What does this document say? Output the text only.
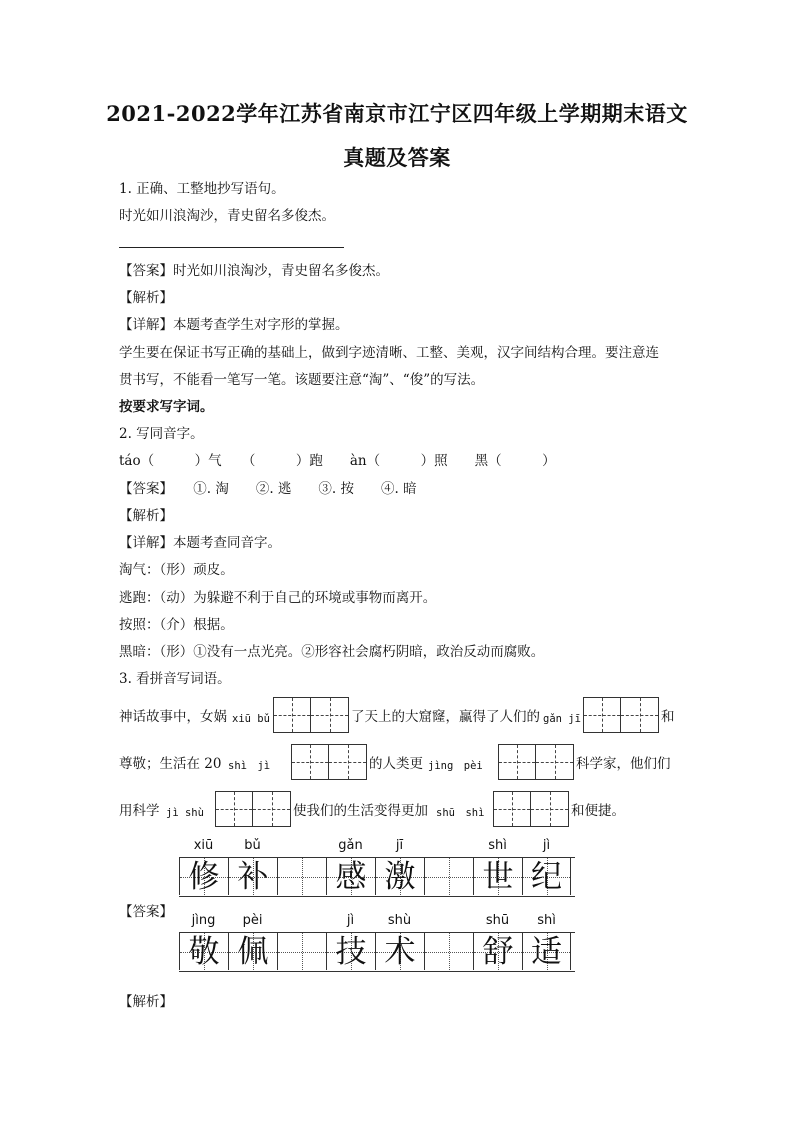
2021-2022学年江苏省南京市江宁区四年级上学期期末语文
真题及答案
1. 正确、工整地抄写语句。
时光如川浪淘沙，青史留名多俊杰。
【答案】时光如川浪淘沙，青史留名多俊杰。
【解析】
【详解】本题考查学生对字形的掌握。
学生要在保证书写正确的基础上，做到字迹清晰、工整、美观，汉字间结构合理。要注意连
贯书写，不能看一笔写一笔。该题要注意“淘”、“俊”的写法。
按要求写字词。
2. 写同音字。
táo（　　　）气　　（　　　）跑　　àn（　　　）照　　黑（　　　）
【答案】　　①. 淘　　②. 逃　　③. 按　　④. 暗
【解析】
【详解】本题考查同音字。
淘气：（形）顽皮。
逃跑：（动）为躲避不利于自己的环境或事物而离开。
按照：（介）根据。
黑暗：（形）①没有一点光亮。②形容社会腐朽阴暗，政治反动而腐败。
3. 看拼音写词语。
神话故事中，女娲 xiū bǔ	了天上的大窟窿，赢得了人们的 gǎn jī	和
尊敬；生活在 20 shì　jì	的人类更 jìng　pèi	科学家，他们们
用科学 jì shù	使我们的生活变得更加 shū　shì	和便捷。
【答案】
xiū	bǔ	gǎn	jī	shì	jì
修 补 感 激 世 纪
jìng	pèi	jì	shù	shū	shì
敬 佩 技 术 舒 适
【解析】
